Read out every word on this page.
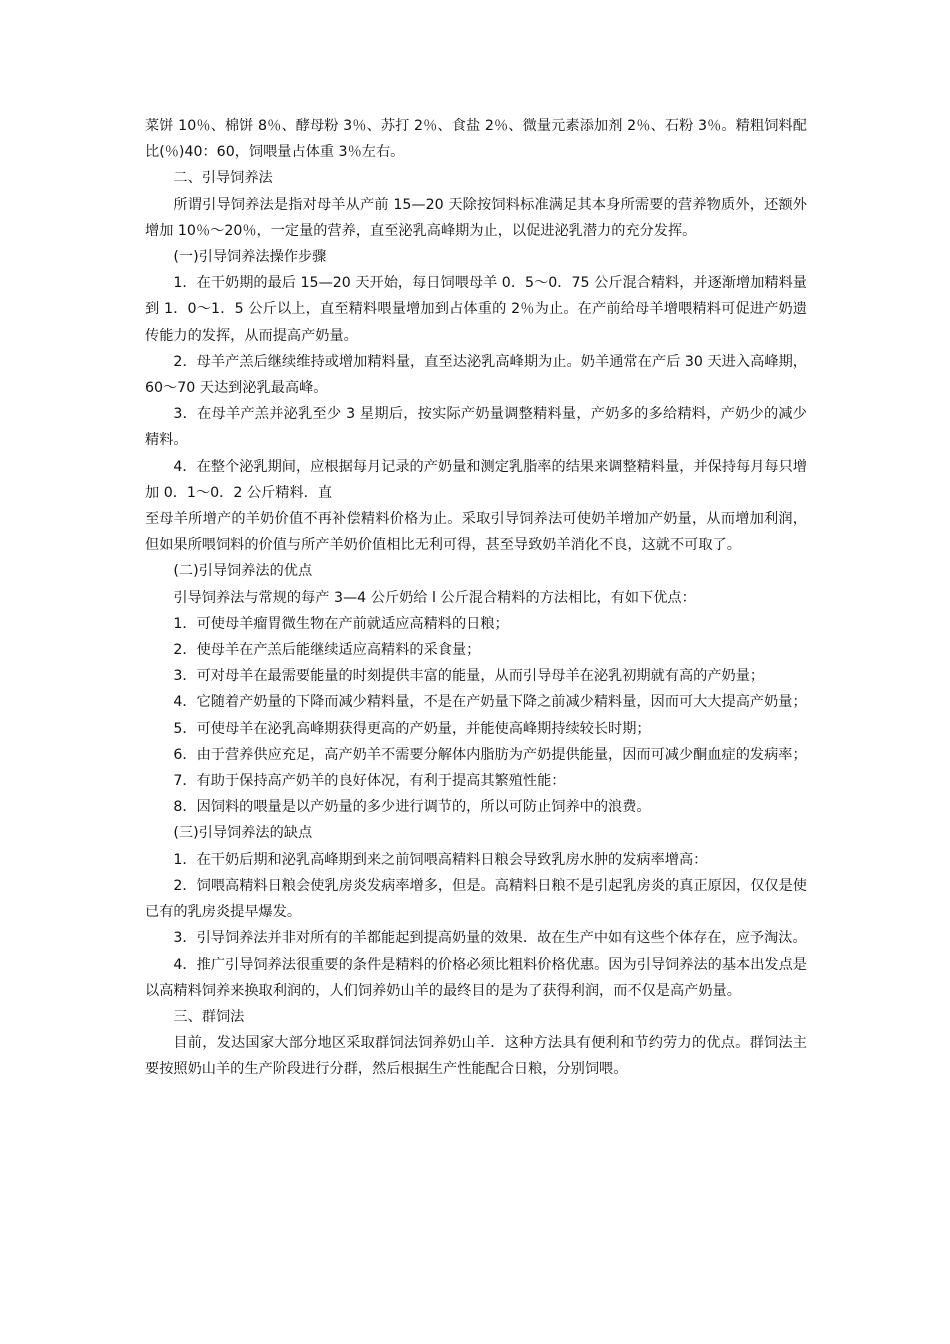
菜饼 10％、棉饼 8％、酵母粉 3％、苏打 2％、食盐 2％、微量元素添加剂 2％、石粉 3％。精粗饲料配比(％)40：60，饲喂量占体重 3％左右。

二、引导饲养法

所谓引导饲养法是指对母羊从产前 15—20 天除按饲料标准满足其本身所需要的营养物质外，还额外增加 10％～20％，一定量的营养，直至泌乳高峰期为止，以促进泌乳潜力的充分发挥。

(一)引导饲养法操作步骤

1．在干奶期的最后 15—20 天开始，每日饲喂母羊 0．5～0．75 公斤混合精料，并逐渐增加精料量到 1．0～1．5 公斤以上，直至精料喂量增加到占体重的 2％为止。在产前给母羊增喂精料可促进产奶遗传能力的发挥，从而提高产奶量。

2．母羊产羔后继续维持或增加精料量，直至达泌乳高峰期为止。奶羊通常在产后 30 天进入高峰期，60～70 天达到泌乳最高峰。

3．在母羊产羔并泌乳至少 3 星期后，按实际产奶量调整精料量，产奶多的多给精料，产奶少的减少精料。

4．在整个泌乳期间，应根据每月记录的产奶量和测定乳脂率的结果来调整精料量，并保持每月每只增加 0．1～0．2 公斤精料．直

至母羊所增产的羊奶价值不再补偿精料价格为止。采取引导饲养法可使奶羊增加产奶量，从而增加利润，但如果所喂饲料的价值与所产羊奶价值相比无利可得，甚至导致奶羊消化不良，这就不可取了。

(二)引导饲养法的优点

引导饲养法与常规的每产 3—4 公斤奶给 l 公斤混合精料的方法相比，有如下优点：

1．可使母羊瘤胃微生物在产前就适应高精料的日粮；

2．使母羊在产羔后能继续适应高精料的采食量；

3．可对母羊在最需要能量的时刻提供丰富的能量，从而引导母羊在泌乳初期就有高的产奶量；

4．它随着产奶量的下降而减少精料量，不是在产奶量下降之前减少精料量，因而可大大提高产奶量；

5．可使母羊在泌乳高峰期获得更高的产奶量，并能使高峰期持续较长时期；

6．由于营养供应充足，高产奶羊不需要分解体内脂肪为产奶提供能量，因而可减少酮血症的发病率；

7．有助于保持高产奶羊的良好体况，有利于提高其繁殖性能：

8．因饲料的喂量是以产奶量的多少进行调节的，所以可防止饲养中的浪费。

(三)引导饲养法的缺点

1．在干奶后期和泌乳高峰期到来之前饲喂高精料日粮会导致乳房水肿的发病率增高：

2．饲喂高精料日粮会使乳房炎发病率增多，但是。高精料日粮不是引起乳房炎的真正原因，仅仅是使已有的乳房炎提早爆发。

3．引导饲养法并非对所有的羊都能起到提高奶量的效果．故在生产中如有这些个体存在，应予淘汰。

4．推广引导饲养法很重要的条件是精料的价格必须比粗料价格优惠。因为引导饲养法的基本出发点是以高精料饲养来换取利润的，人们饲养奶山羊的最终目的是为了获得利润，而不仅是高产奶量。

三、群饲法

目前，发达国家大部分地区采取群饲法饲养奶山羊．这种方法具有便利和节约劳力的优点。群饲法主要按照奶山羊的生产阶段进行分群，然后根据生产性能配合日粮，分别饲喂。
